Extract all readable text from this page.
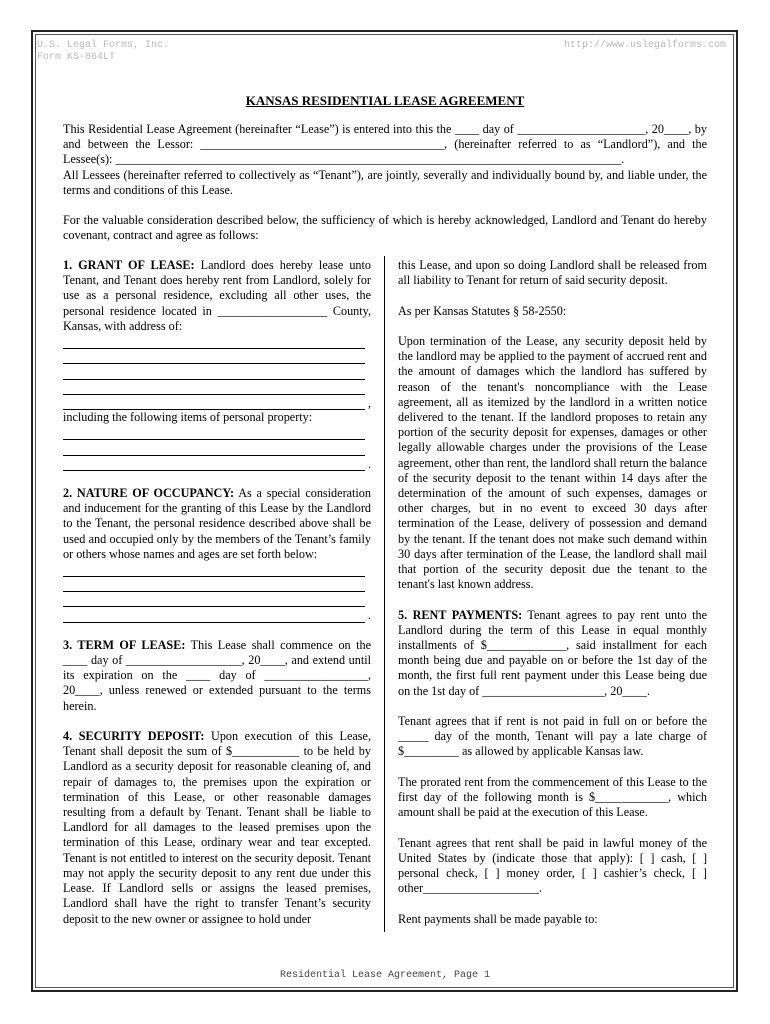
U.S. Legal Forms, Inc.
Form KS-864LT
http://www.uslegalforms.com
KANSAS RESIDENTIAL LEASE AGREEMENT

This Residential Lease Agreement (hereinafter “Lease”) is entered into this the ____ day of _____________________, 20____, by and between the Lessor: ________________________________________, (hereinafter referred to as “Landlord”), and the Lessee(s): ___________________________________________________________________________________.

All Lessees (hereinafter referred to collectively as “Tenant”), are jointly, severally and individually bound by, and liable under, the terms and conditions of this Lease.

For the valuable consideration described below, the sufficiency of which is hereby acknowledged, Landlord and Tenant do hereby covenant, contract and agree as follows:

1. GRANT OF LEASE: Landlord does hereby lease unto Tenant, and Tenant does hereby rent from Landlord, solely for use as a personal residence, excluding all other uses, the personal residence located in __________________ County, Kansas, with address of:

,

including the following items of personal property:

.

2. NATURE OF OCCUPANCY: As a special consideration and inducement for the granting of this Lease by the Landlord to the Tenant, the personal residence described above shall be used and occupied only by the members of the Tenant’s family or others whose names and ages are set forth below:

.

3. TERM OF LEASE: This Lease shall commence on the ____ day of ___________________, 20____, and extend until its expiration on the ____ day of _________________, 20____, unless renewed or extended pursuant to the terms herein.

4. SECURITY DEPOSIT: Upon execution of this Lease, Tenant shall deposit the sum of $___________ to be held by Landlord as a security deposit for reasonable cleaning of, and repair of damages to, the premises upon the expiration or termination of this Lease, or other reasonable damages resulting from a default by Tenant. Tenant shall be liable to Landlord for all damages to the leased premises upon the termination of this Lease, ordinary wear and tear excepted. Tenant is not entitled to interest on the security deposit. Tenant may not apply the security deposit to any rent due under this Lease. If Landlord sells or assigns the leased premises, Landlord shall have the right to transfer Tenant’s security deposit to the new owner or assignee to hold under

this Lease, and upon so doing Landlord shall be released from all liability to Tenant for return of said security deposit.

As per Kansas Statutes § 58-2550:

Upon termination of the Lease, any security deposit held by the landlord may be applied to the payment of accrued rent and the amount of damages which the landlord has suffered by reason of the tenant's noncompliance with the Lease agreement, all as itemized by the landlord in a written notice delivered to the tenant. If the landlord proposes to retain any portion of the security deposit for expenses, damages or other legally allowable charges under the provisions of the Lease agreement, other than rent, the landlord shall return the balance of the security deposit to the tenant within 14 days after the determination of the amount of such expenses, damages or other charges, but in no event to exceed 30 days after termination of the Lease, delivery of possession and demand by the tenant. If the tenant does not make such demand within 30 days after termination of the Lease, the landlord shall mail that portion of the security deposit due the tenant to the tenant's last known address.

5. RENT PAYMENTS: Tenant agrees to pay rent unto the Landlord during the term of this Lease in equal monthly installments of $_____________, said installment for each month being due and payable on or before the 1st day of the month, the first full rent payment under this Lease being due on the 1st day of ____________________, 20____.

Tenant agrees that if rent is not paid in full on or before the _____ day of the month, Tenant will pay a late charge of $_________ as allowed by applicable Kansas law.

The prorated rent from the commencement of this Lease to the first day of the following month is $____________, which amount shall be paid at the execution of this Lease.

Tenant agrees that rent shall be paid in lawful money of the United States by (indicate those that apply): [ ] cash, [ ] personal check, [ ] money order, [ ] cashier’s check, [ ] other___________________.

Rent payments shall be made payable to:

Residential Lease Agreement, Page 1
